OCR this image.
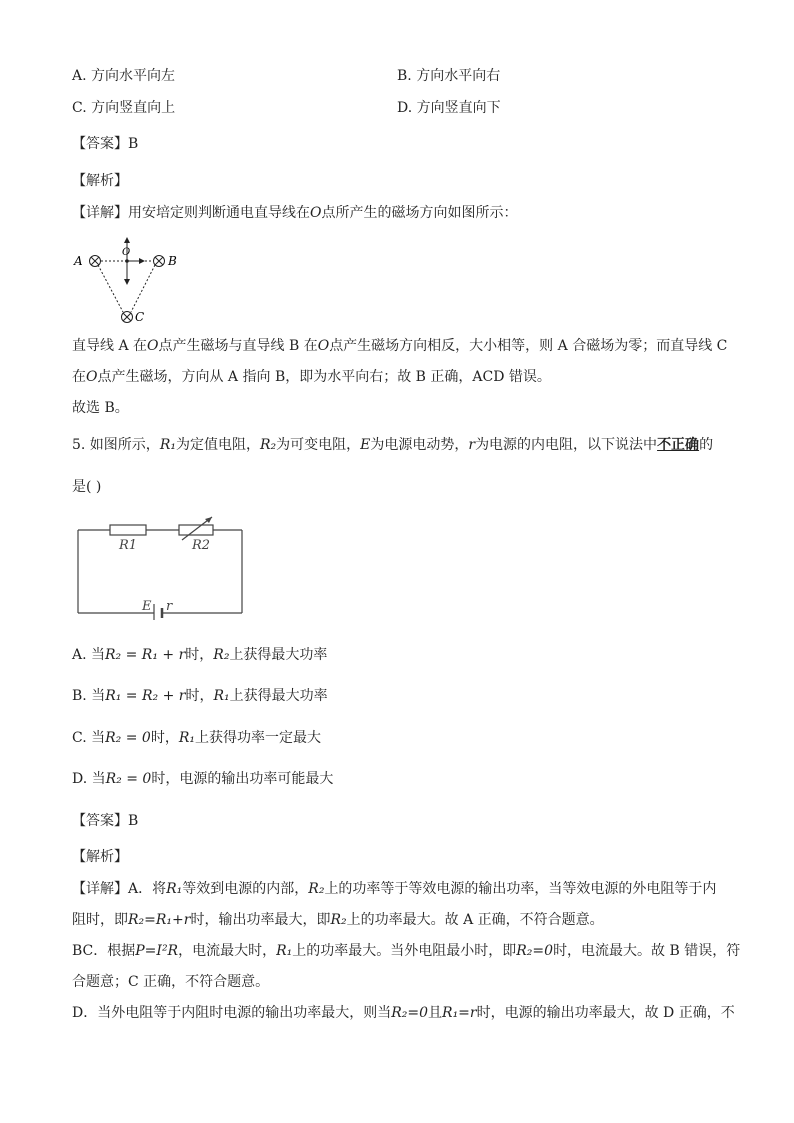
A. 方向水平向左	B. 方向水平向右
C. 方向竖直向上	D. 方向竖直向下
【答案】B
【解析】
【详解】用安培定则判断通电直导线在O点所产生的磁场方向如图所示：
A	B
C
O
直导线 A 在O点产生磁场与直导线 B 在O点产生磁场方向相反，大小相等，则 A 合磁场为零；而直导线 C
在O点产生磁场，方向从 A 指向 B，即为水平向右；故 B 正确，ACD 错误。
故选 B。
5. 如图所示，R₁为定值电阻，R₂为可变电阻，E为电源电动势，r为电源的内电阻，以下说法中不正确的
是( )
R1	R2
E r
A. 当R₂ = R₁ + r时，R₂上获得最大功率
B. 当R₁ = R₂ + r时，R₁上获得最大功率
C. 当R₂ = 0时，R₁上获得功率一定最大
D. 当R₂ = 0时，电源的输出功率可能最大
【答案】B
【解析】
【详解】A．将R₁等效到电源的内部，R₂上的功率等于等效电源的输出功率，当等效电源的外电阻等于内
阻时，即R₂=R₁+r时，输出功率最大，即R₂上的功率最大。故 A 正确，不符合题意。
BC．根据P=I²R，电流最大时，R₁上的功率最大。当外电阻最小时，即R₂=0时，电流最大。故 B 错误，符
合题意；C 正确，不符合题意。
D．当外电阻等于内阻时电源的输出功率最大，则当R₂=0且R₁=r时，电源的输出功率最大，故 D 正确，不
